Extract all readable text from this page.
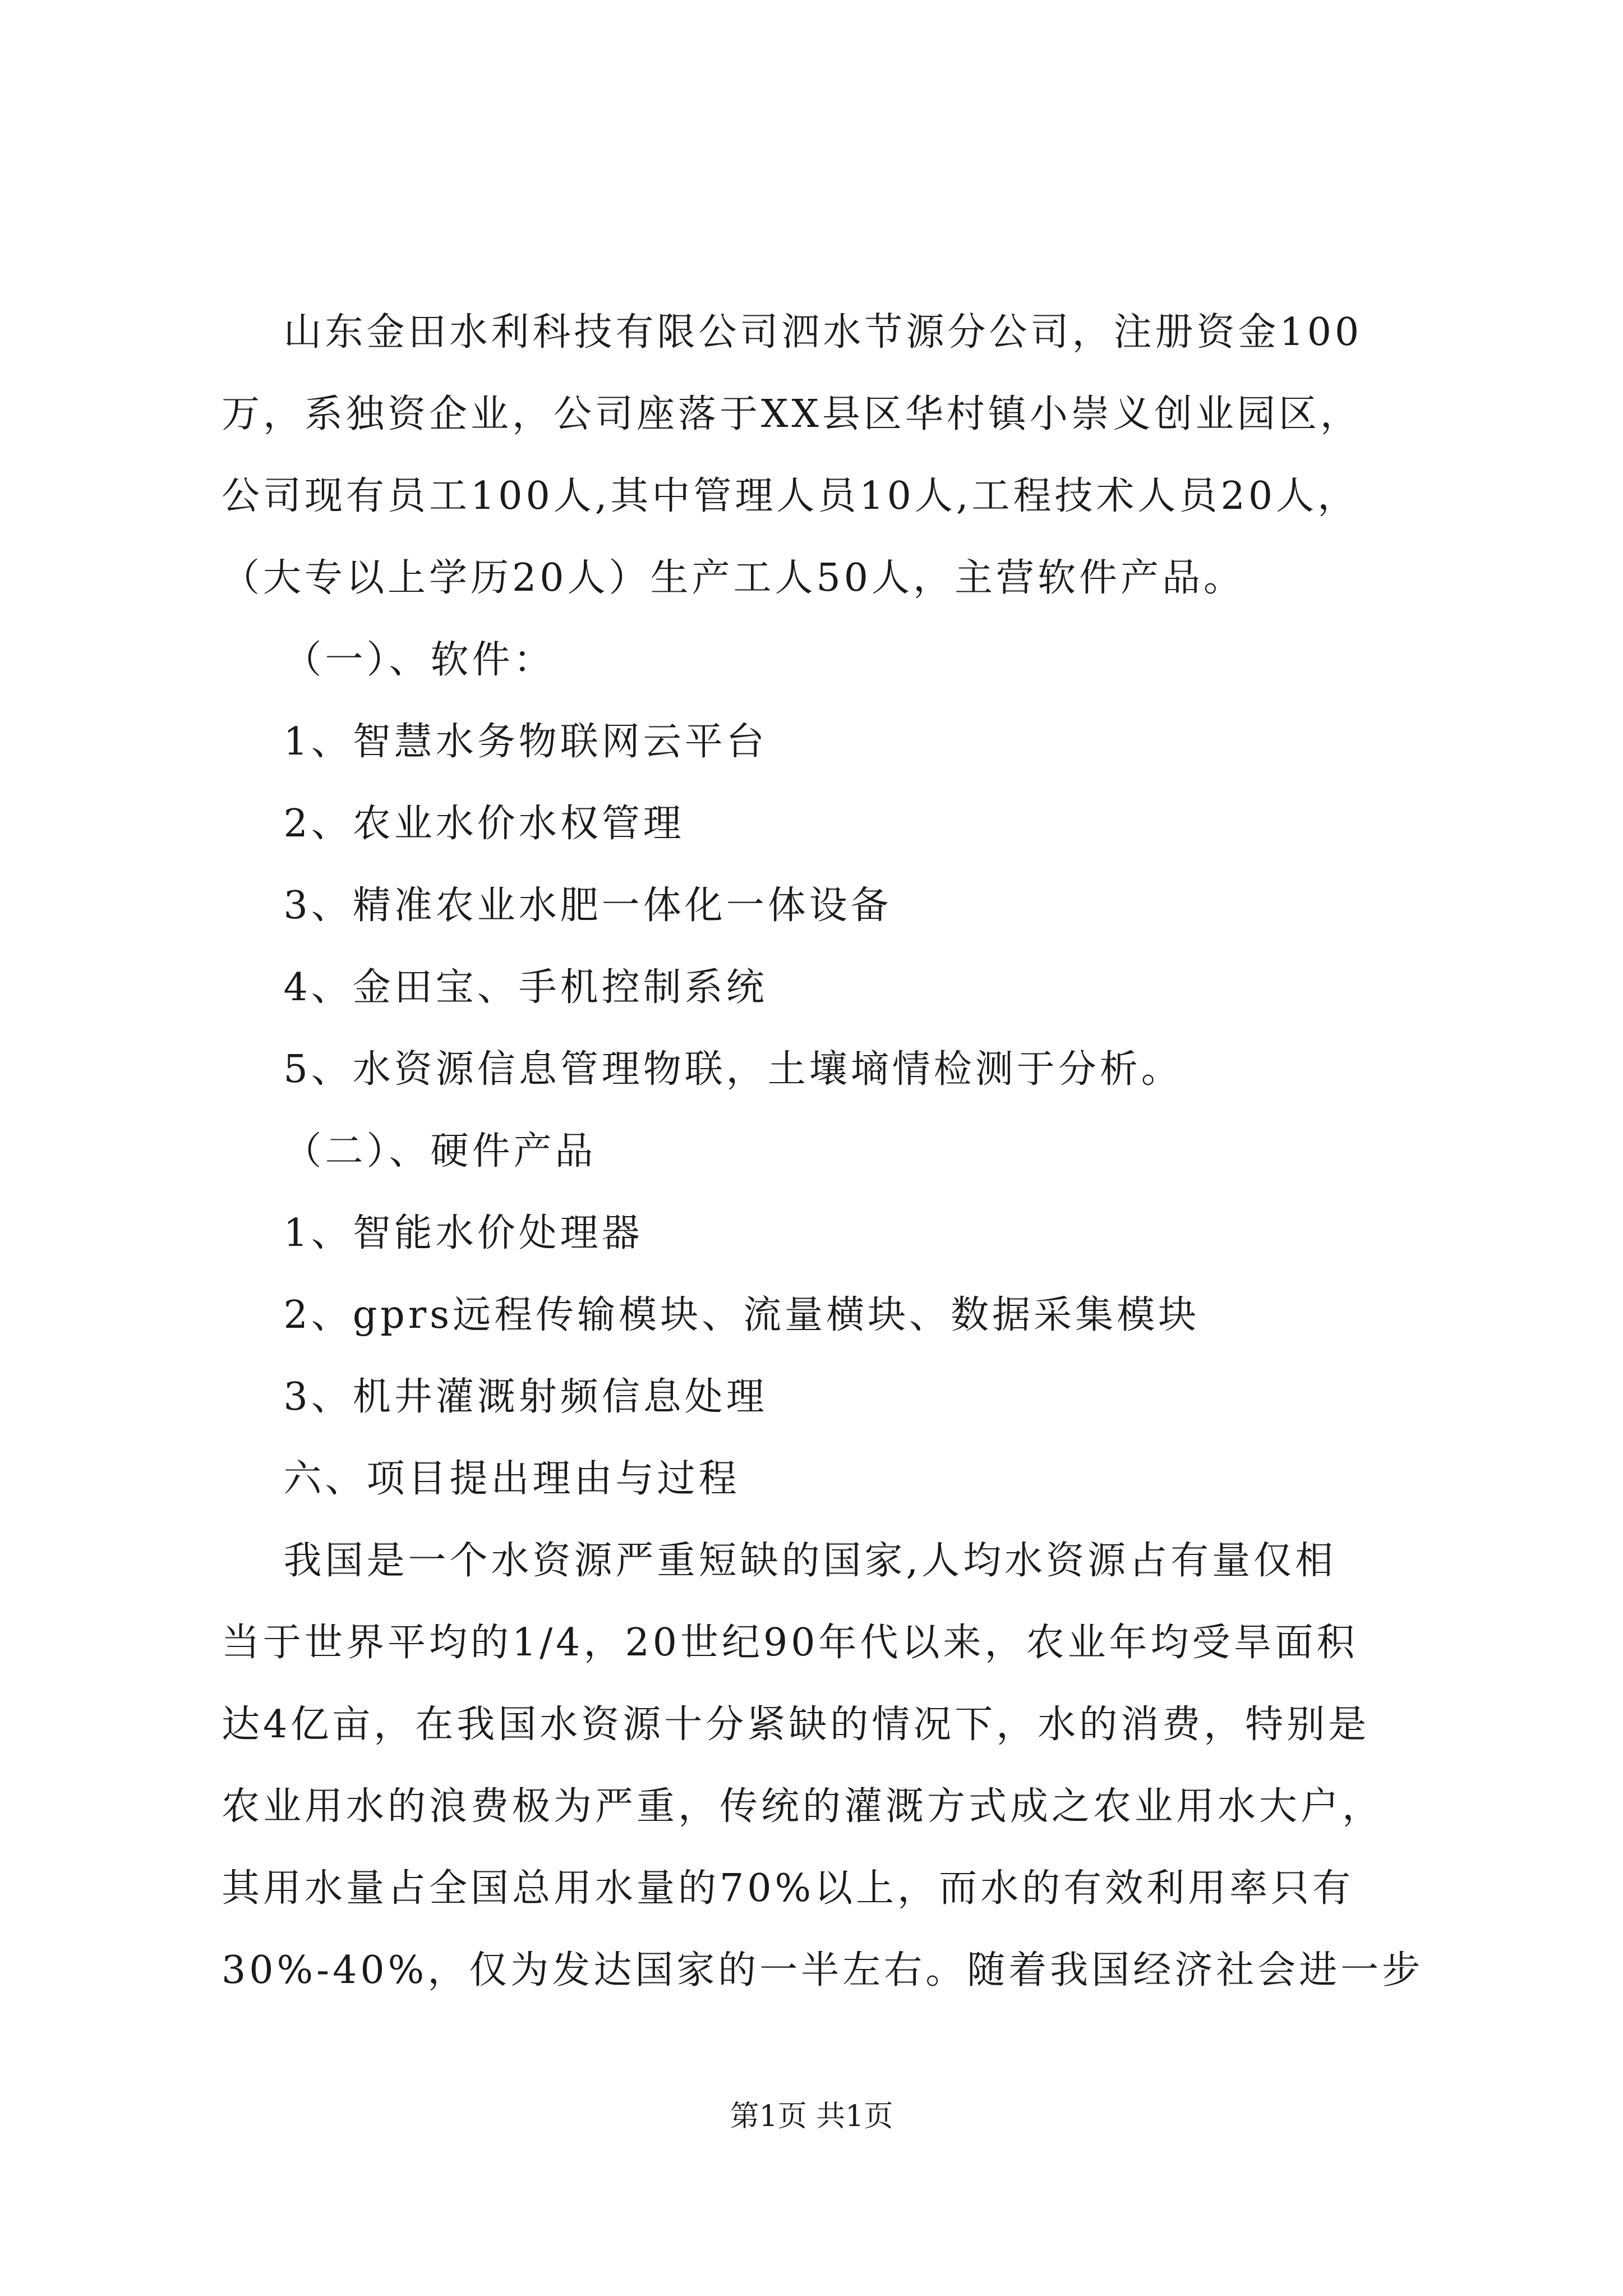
山东金田水利科技有限公司泗水节源分公司，注册资金100
万，系独资企业，公司座落于XX县区华村镇小崇义创业园区，
公司现有员工100人,其中管理人员10人,工程技术人员20人，
（大专以上学历20人）生产工人50人，主营软件产品。
（一）、软件：
1、智慧水务物联网云平台
2、农业水价水权管理
3、精准农业水肥一体化一体设备
4、金田宝、手机控制系统
5、水资源信息管理物联，土壤墒情检测于分析。
（二）、硬件产品
1、智能水价处理器
2、gprs远程传输模块、流量横块、数据采集模块
3、机井灌溉射频信息处理
六、项目提出理由与过程
我国是一个水资源严重短缺的国家,人均水资源占有量仅相
当于世界平均的1/4，20世纪90年代以来，农业年均受旱面积
达4亿亩，在我国水资源十分紧缺的情况下，水的消费，特别是
农业用水的浪费极为严重，传统的灌溉方式成之农业用水大户，
其用水量占全国总用水量的70%以上，而水的有效利用率只有
30%-40%，仅为发达国家的一半左右。随着我国经济社会进一步
第1页 共1页
